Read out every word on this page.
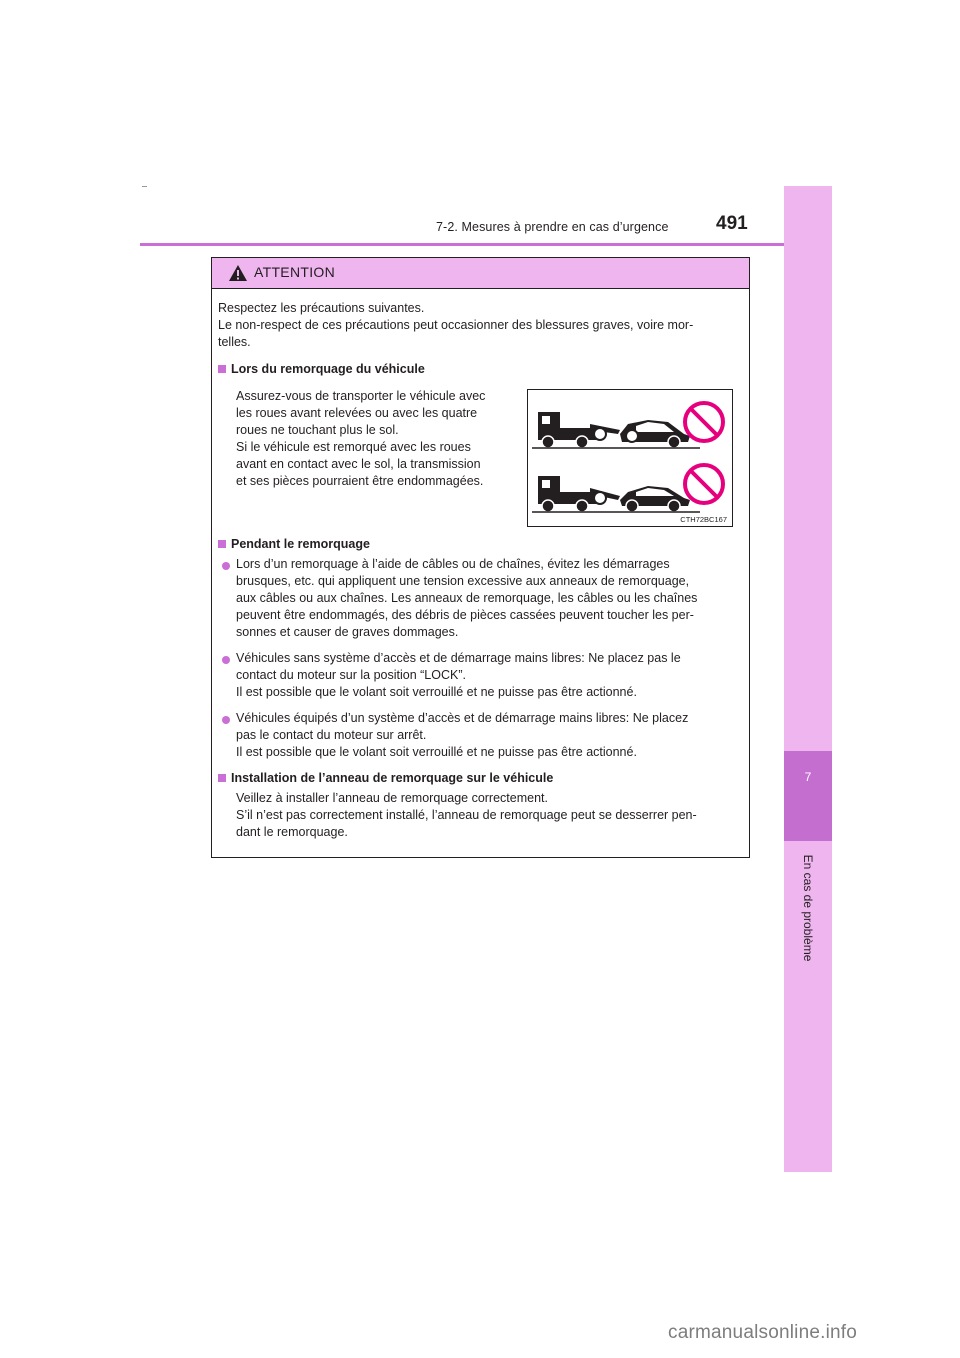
7-2. Mesures à prendre en cas d’urgence 491
7
En cas de problème
ATTENTION

Respectez les précautions suivantes.

Le non-respect de ces précautions peut occasionner des blessures graves, voire mor-

telles.

Lors du remorquage du véhicule

Assurez-vous de transporter le véhicule avec

les roues avant relevées ou avec les quatre

roues ne touchant plus le sol.

Si le véhicule est remorqué avec les roues

avant en contact avec le sol, la transmission

et ses pièces pourraient être endommagées.

Pendant le remorquage

Lors d’un remorquage à l’aide de câbles ou de chaînes, évitez les démarrages

brusques, etc. qui appliquent une tension excessive aux anneaux de remorquage,

aux câbles ou aux chaînes. Les anneaux de remorquage, les câbles ou les chaînes

peuvent être endommagés, des débris de pièces cassées peuvent toucher les per-

sonnes et causer de graves dommages.

Véhicules sans système d’accès et de démarrage mains libres: Ne placez pas le

contact du moteur sur la position “LOCK”.

Il est possible que le volant soit verrouillé et ne puisse pas être actionné.

Véhicules équipés d’un système d’accès et de démarrage mains libres: Ne placez

pas le contact du moteur sur arrêt.

Il est possible que le volant soit verrouillé et ne puisse pas être actionné.

Installation de l’anneau de remorquage sur le véhicule

Veillez à installer l’anneau de remorquage correctement.

S’il n’est pas correctement installé, l’anneau de remorquage peut se desserrer pen-

dant le remorquage.

CTH72BC167
carmanualsonline.info
